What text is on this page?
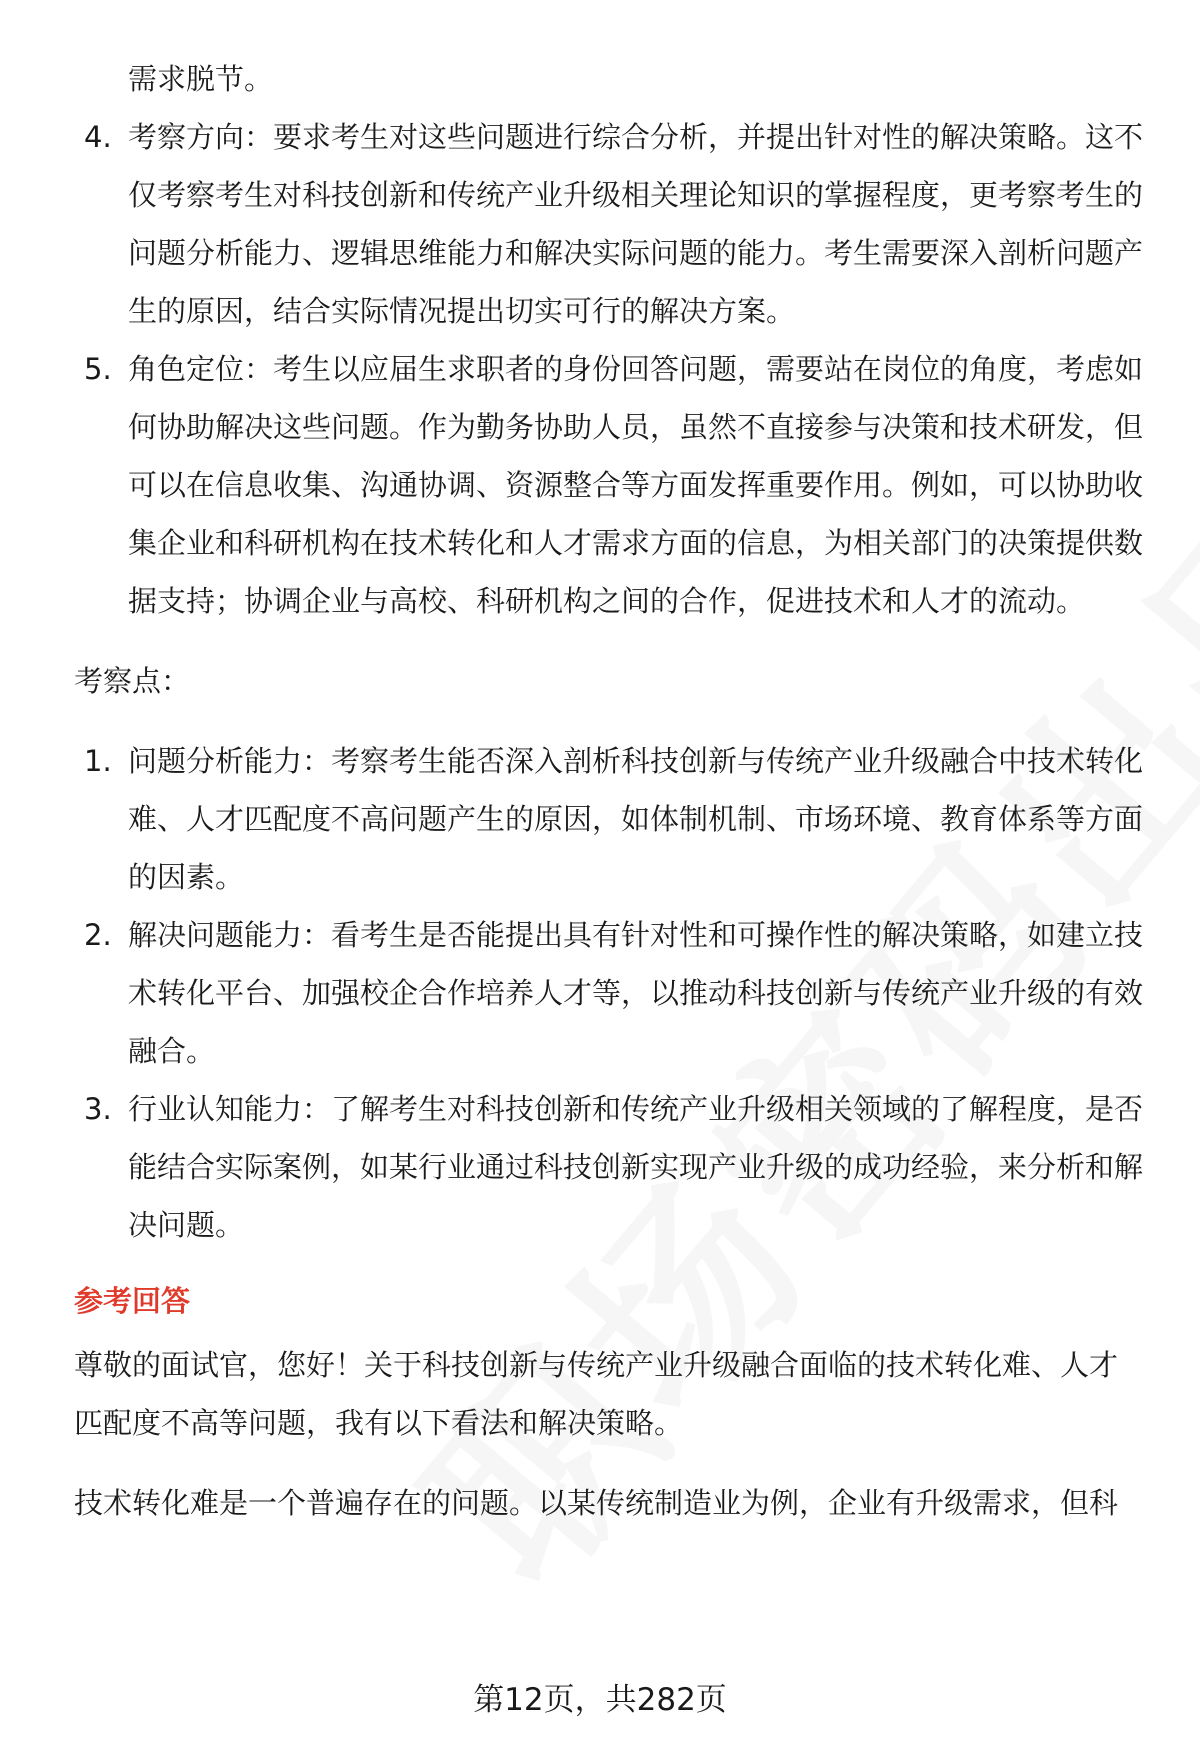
需求脱节。
4. 考察方向：要求考生对这些问题进行综合分析，并提出针对性的解决策略。这不仅考察考生对科技创新和传统产业升级相关理论知识的掌握程度，更考察考生的问题分析能力、逻辑思维能力和解决实际问题的能力。考生需要深入剖析问题产生的原因，结合实际情况提出切实可行的解决方案。
5. 角色定位：考生以应届生求职者的身份回答问题，需要站在岗位的角度，考虑如何协助解决这些问题。作为勤务协助人员，虽然不直接参与决策和技术研发，但可以在信息收集、沟通协调、资源整合等方面发挥重要作用。例如，可以协助收集企业和科研机构在技术转化和人才需求方面的信息，为相关部门的决策提供数据支持；协调企业与高校、科研机构之间的合作，促进技术和人才的流动。
考察点：
1. 问题分析能力：考察考生能否深入剖析科技创新与传统产业升级融合中技术转化难、人才匹配度不高问题产生的原因，如体制机制、市场环境、教育体系等方面的因素。
2. 解决问题能力：看考生是否能提出具有针对性和可操作性的解决策略，如建立技术转化平台、加强校企合作培养人才等，以推动科技创新与传统产业升级的有效融合。
3. 行业认知能力：了解考生对科技创新和传统产业升级相关领域的了解程度，是否能结合实际案例，如某行业通过科技创新实现产业升级的成功经验，来分析和解决问题。
参考回答
尊敬的面试官，您好！关于科技创新与传统产业升级融合面临的技术转化难、人才匹配度不高等问题，我有以下看法和解决策略。
技术转化难是一个普遍存在的问题。以某传统制造业为例，企业有升级需求，但科
第12页，共282页
